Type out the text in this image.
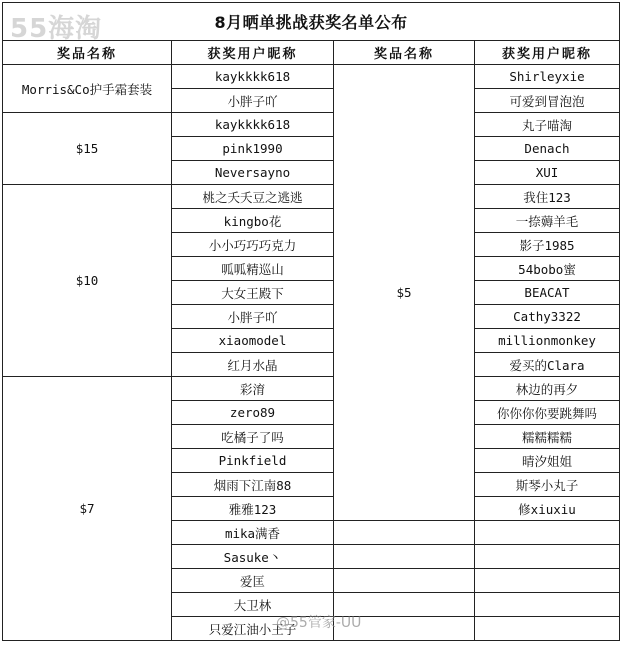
8月晒单挑战获奖名单公布			
奖品名称	获奖用户昵称	奖品名称	获奖用户昵称
Morris&Co护手霜套装	kaykkkk618	$5	Shirleyxie
	小胖子吖		可爱到冒泡泡
$15	kaykkkk618		丸子喵淘
	pink1990		Denach
	Neversayno		XUI
$10	桃之夭夭豆之逃逃		我住123
	kingbo花		一捺薅羊毛
	小小巧巧巧克力		影子1985
	呱呱精巡山		54bobo蜜
	大女王殿下		BEACAT
	小胖子吖		Cathy3322
	xiaomodel		millionmonkey
	红月水晶		爱买的Clara
$7	彩淯		林边的再夕
	zero89		你你你你要跳舞吗
	吃橘子了吗		糯糯糯糯
	Pinkfield		晴汐姐姐
	烟雨下江南88		斯琴小丸子
	雅雅123		修xiuxiu
	mika满香		
	Sasuke丶		
	爱匡		
	大卫林		
	只爱江油小王子		
55海淘
@55管家-UU
